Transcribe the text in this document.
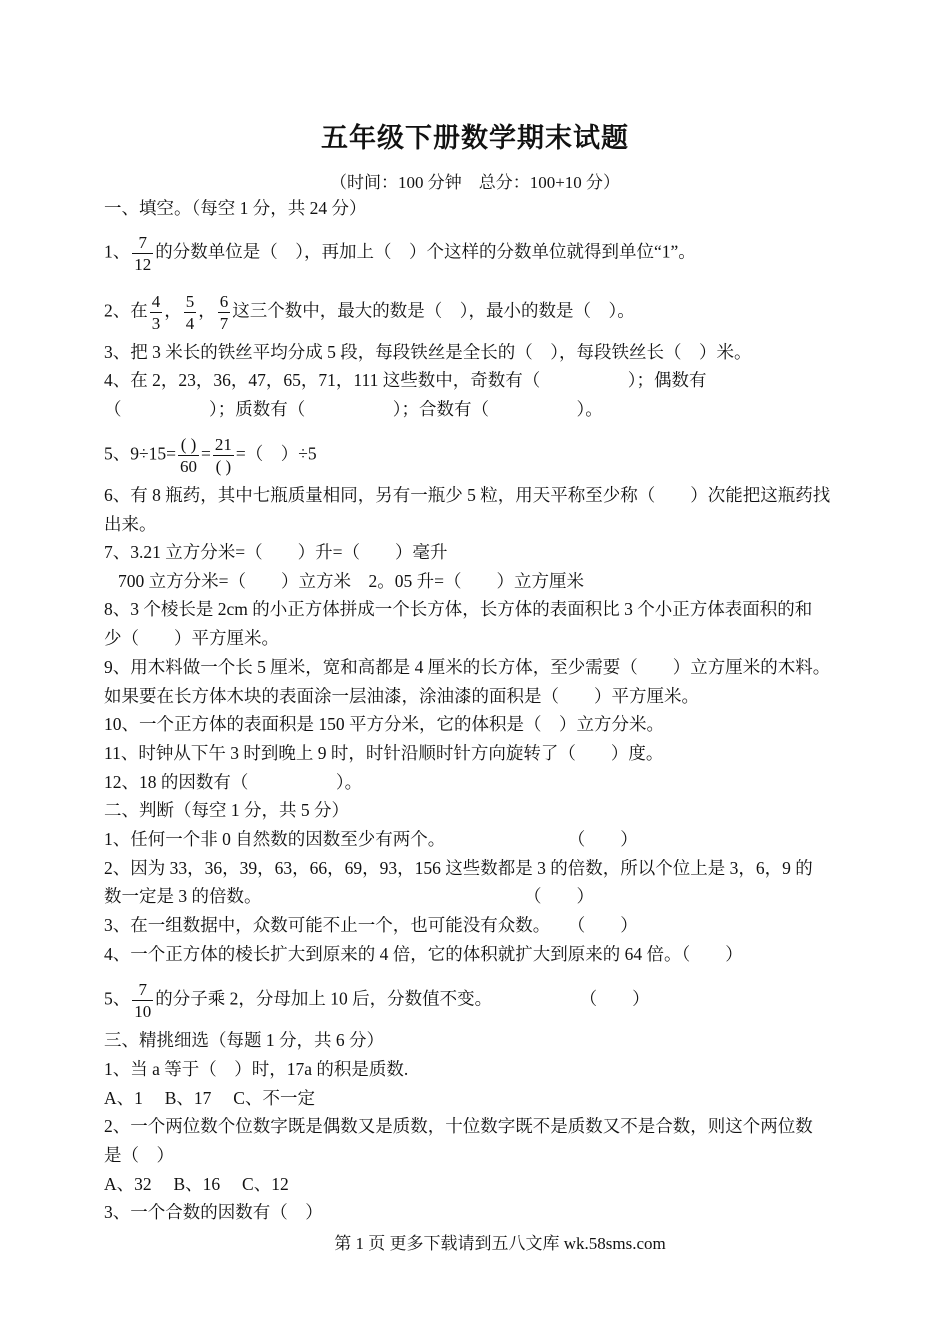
五年级下册数学期末试题
（时间：100 分钟　总分：100+10 分）
一、填空。（每空 1 分，共 24 分）
1、 $\frac{7}{12}$ 的分数单位是（　），再加上（　）个这样的分数单位就得到单位“1”。
2、在 $\frac{4}{3}$ ， $\frac{5}{4}$ ， $\frac{6}{7}$ 这三个数中，最大的数是（　），最小的数是（　）。
3、把 3 米长的铁丝平均分成 5 段，每段铁丝是全长的（　），每段铁丝长（　）米。
4、在 2，23，36，47，65，71，111 这些数中，奇数有（　　　　　）；偶数有
（　　　　　）；质数有（　　　　　）；合数有（　　　　　）。
5、$9\div 15= \frac{( )}{60} = \frac{21}{( )}$ =（　）÷5
6、有 8 瓶药，其中七瓶质量相同，另有一瓶少 5 粒，用天平称至少称（　　）次能把这瓶药找
出来。
7、3.21 立方分米=（　　）升=（　　）毫升
700 立方分米=（　　）立方米　2。05 升=（　　）立方厘米
8、3 个棱长是 2cm 的小正方体拼成一个长方体，长方体的表面积比 3 个小正方体表面积的和
少（　　）平方厘米。
9、用木料做一个长 5 厘米，宽和高都是 4 厘米的长方体，至少需要（　　）立方厘米的木料。
如果要在长方体木块的表面涂一层油漆，涂油漆的面积是（　　）平方厘米。
10、一个正方体的表面积是 150 平方分米，它的体积是（　）立方分米。
11、时钟从下午 3 时到晚上 9 时，时针沿顺时针方向旋转了（　　）度。
12、18 的因数有（　　　　　）。
二、判断（每空 1 分，共 5 分）
1、任何一个非 0 自然数的因数至少有两个。　　　　　　　　（　　）
2、因为 33，36，39，63，66，69，93，156 这些数都是 3 的倍数，所以个位上是 3，6，9 的
数一定是 3 的倍数。　　　　　　　　　　　　　　　　（　　）
3、在一组数据中，众数可能不止一个，也可能没有众数。　　（　　）
4、一个正方体的棱长扩大到原来的 4 倍，它的体积就扩大到原来的 64 倍。（　　）
5、 $\frac{7}{10}$ 的分子乘 2，分母加上 10 后，分数值不变。　　　　　　（　　）
三、精挑细选（每题 1 分，共 6 分）
1、当 a 等于（　）时，17a 的积是质数.
A、1　 B、17　 C、不一定
2、一个两位数个位数字既是偶数又是质数，十位数字既不是质数又不是合数，则这个两位数
是（　）
A、32　 B、16　 C、12
3、一个合数的因数有（　）
第 1 页 更多下载请到五八文库 wk.58sms.com
